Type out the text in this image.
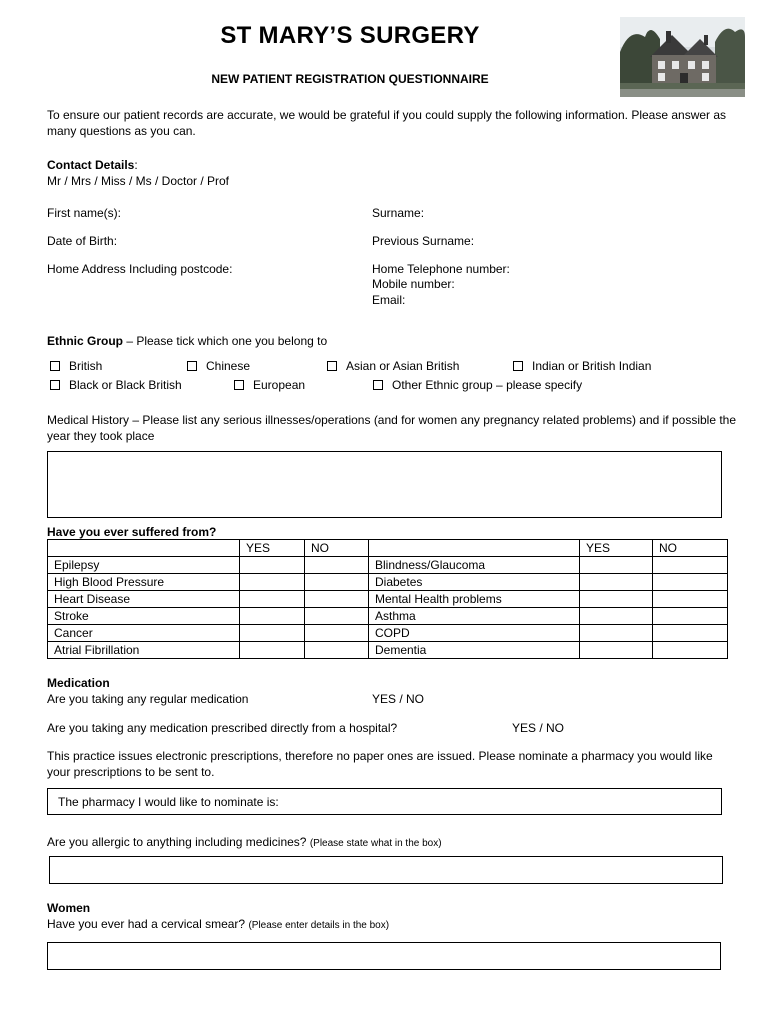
ST MARY’S SURGERY
NEW PATIENT REGISTRATION QUESTIONNAIRE
To ensure our patient records are accurate, we would be grateful if you could supply the following information. Please answer as many questions as you can.
Contact Details:
Mr / Mrs / Miss / Ms / Doctor / Prof
First name(s):	Surname:
Date of Birth:	Previous Surname:
Home Address Including postcode:	Home Telephone number:
Mobile number:
Email:
Ethnic Group – Please tick which one you belong to
British	Chinese	Asian or Asian British	Indian or British Indian
Black or Black British	European	Other Ethnic group – please specify
Medical History – Please list any serious illnesses/operations (and for women any pregnancy related problems) and if possible the year they took place
Have you ever suffered from?
	YES	NO		YES	NO
Epilepsy			Blindness/Glaucoma		
High Blood Pressure			Diabetes		
Heart Disease			Mental Health problems		
Stroke			Asthma		
Cancer			COPD		
Atrial Fibrillation			Dementia		
Medication
Are you taking any regular medication	YES / NO
Are you taking any medication prescribed directly from a hospital?	YES / NO
This practice issues electronic prescriptions, therefore no paper ones are issued. Please nominate a pharmacy you would like your prescriptions to be sent to.
The pharmacy I would like to nominate is:
Are you allergic to anything including medicines? (Please state what in the box)
Women
Have you ever had a cervical smear? (Please enter details in the box)
